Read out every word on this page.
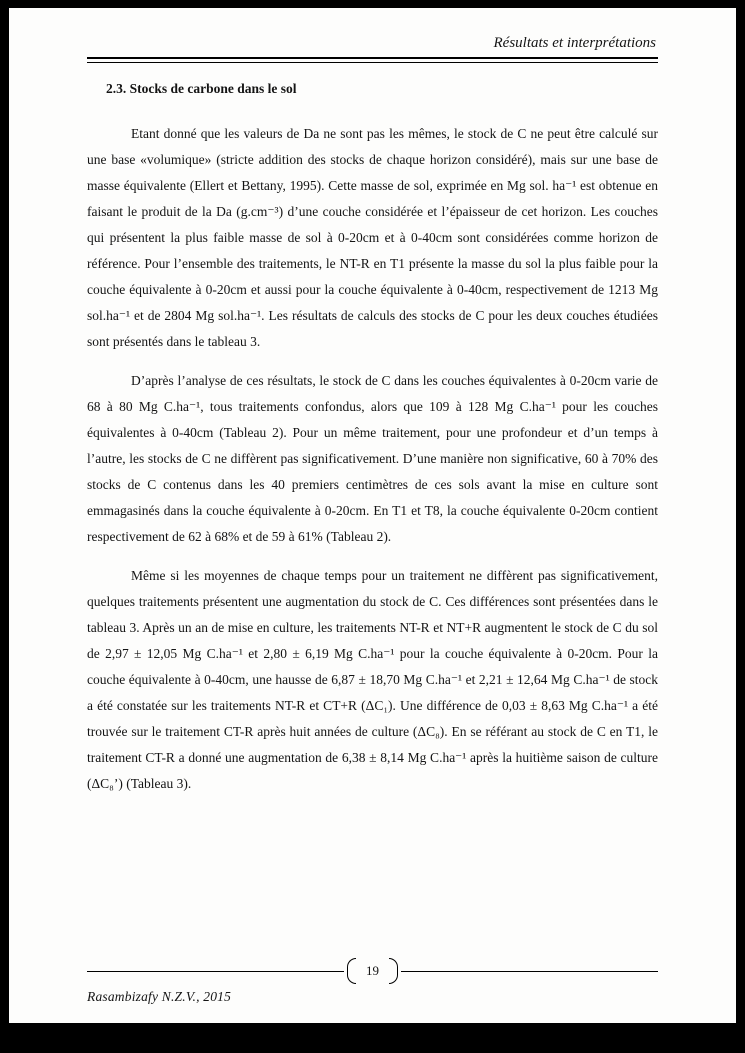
Résultats et interprétations
2.3. Stocks de carbone dans le sol

Etant donné que les valeurs de Da ne sont pas les mêmes, le stock de C ne peut être calculé sur une base «volumique» (stricte addition des stocks de chaque horizon considéré), mais sur une base de masse équivalente (Ellert et Bettany, 1995). Cette masse de sol, exprimée en Mg sol. ha⁻¹ est obtenue en faisant le produit de la Da (g.cm⁻³) d’une couche considérée et l’épaisseur de cet horizon. Les couches qui présentent la plus faible masse de sol à 0-20cm et à 0-40cm sont considérées comme horizon de référence. Pour l’ensemble des traitements, le NT-R en T1 présente la masse du sol la plus faible pour la couche équivalente à 0-20cm et aussi pour la couche équivalente à 0-40cm, respectivement de 1213 Mg sol.ha⁻¹ et de 2804 Mg sol.ha⁻¹. Les résultats de calculs des stocks de C pour les deux couches étudiées sont présentés dans le tableau 3.

D’après l’analyse de ces résultats, le stock de C dans les couches équivalentes à 0-20cm varie de 68 à 80 Mg C.ha⁻¹, tous traitements confondus, alors que 109 à 128 Mg C.ha⁻¹ pour les couches équivalentes à 0-40cm (Tableau 2). Pour un même traitement, pour une profondeur et d’un temps à l’autre, les stocks de C ne diffèrent pas significativement. D’une manière non significative, 60 à 70% des stocks de C contenus dans les 40 premiers centimètres de ces sols avant la mise en culture sont emmagasinés dans la couche équivalente à 0-20cm. En T1 et T8, la couche équivalente 0-20cm contient respectivement de 62 à 68% et de 59 à 61% (Tableau 2).

Même si les moyennes de chaque temps pour un traitement ne diffèrent pas significativement, quelques traitements présentent une augmentation du stock de C. Ces différences sont présentées dans le tableau 3. Après un an de mise en culture, les traitements NT-R et NT+R augmentent le stock de C du sol de 2,97 ± 12,05 Mg C.ha⁻¹ et 2,80 ± 6,19 Mg C.ha⁻¹ pour la couche équivalente à 0-20cm. Pour la couche équivalente à 0-40cm, une hausse de 6,87 ± 18,70 Mg C.ha⁻¹ et 2,21 ± 12,64 Mg C.ha⁻¹ de stock a été constatée sur les traitements NT-R et CT+R (ΔC₁). Une différence de 0,03 ± 8,63 Mg C.ha⁻¹ a été trouvée sur le traitement CT-R après huit années de culture (ΔC₈). En se référant au stock de C en T1, le traitement CT-R a donné une augmentation de 6,38 ± 8,14 Mg C.ha⁻¹ après la huitième saison de culture (ΔC₈’) (Tableau 3).

19
Rasambizafy N.Z.V., 2015
